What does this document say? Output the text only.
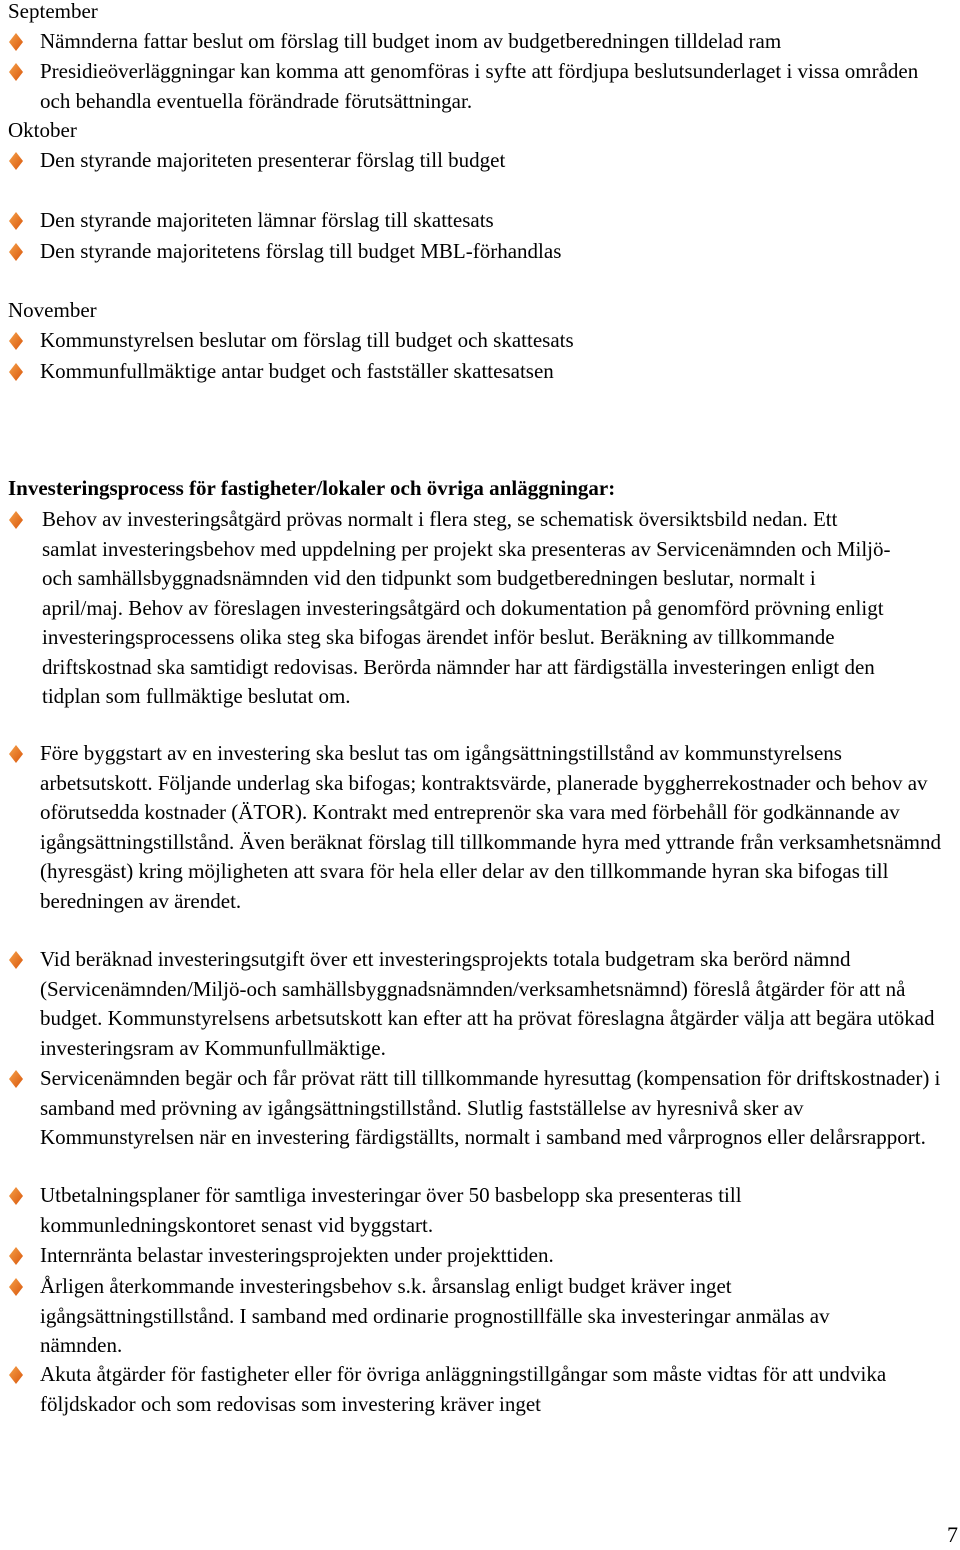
September
Nämnderna fattar beslut om förslag till budget inom av budgetberedningen tilldelad ram
Presidieöverläggningar kan komma att genomföras i syfte att fördjupa beslutsunderlaget i vissa områden och behandla eventuella förändrade förutsättningar.
Oktober
Den styrande majoriteten presenterar förslag till budget
Den styrande majoriteten lämnar förslag till skattesats
Den styrande majoritetens förslag till budget MBL-förhandlas
November
Kommunstyrelsen beslutar om förslag till budget och skattesats
Kommunfullmäktige antar budget och fastställer skattesatsen
Investeringsprocess för fastigheter/lokaler och övriga anläggningar:
Behov av investeringsåtgärd prövas normalt i flera steg, se schematisk översiktsbild nedan. Ett samlat investeringsbehov med uppdelning per projekt ska presenteras av Servicenämnden och Miljö- och samhällsbyggnadsnämnden vid den tidpunkt som budgetberedningen beslutar, normalt i april/maj. Behov av föreslagen investeringsåtgärd och dokumentation på genomförd prövning enligt investeringsprocessens olika steg ska bifogas ärendet inför beslut. Beräkning av tillkommande driftskostnad ska samtidigt redovisas. Berörda nämnder har att färdigställa investeringen enligt den tidplan som fullmäktige beslutat om.
Före byggstart av en investering ska beslut tas om igångsättningstillstånd av kommunstyrelsens arbetsutskott. Följande underlag ska bifogas; kontraktsvärde, planerade byggherrekostnader och behov av oförutsedda kostnader (ÄTOR). Kontrakt med entreprenör ska vara med förbehåll för godkännande av igångsättningstillstånd. Även beräknat förslag till tillkommande hyra med yttrande från verksamhetsnämnd (hyresgäst) kring möjligheten att svara för hela eller delar av den tillkommande hyran ska bifogas till beredningen av ärendet.
Vid beräknad investeringsutgift över ett investeringsprojekts totala budgetram ska berörd nämnd (Servicenämnden/Miljö-och samhällsbyggnadsnämnden/verksamhetsnämnd) föreslå åtgärder för att nå budget. Kommunstyrelsens arbetsutskott kan efter att ha prövat föreslagna åtgärder välja att begära utökad investeringsram av Kommunfullmäktige.
Servicenämnden begär och får prövat rätt till tillkommande hyresuttag (kompensation för driftskostnader) i samband med prövning av igångsättningstillstånd. Slutlig fastställelse av hyresnivå sker av Kommunstyrelsen när en investering färdigställts, normalt i samband med vårprognos eller delårsrapport.
Utbetalningsplaner för samtliga investeringar över 50 basbelopp ska presenteras till kommunledningskontoret senast vid byggstart.
Internränta belastar investeringsprojekten under projekttiden.
Årligen återkommande investeringsbehov s.k. årsanslag enligt budget kräver inget igångsättningstillstånd. I samband med ordinarie prognostillfälle ska investeringar anmälas av nämnden.
Akuta åtgärder för fastigheter eller för övriga anläggningstillgångar som måste vidtas för att undvika följdskador och som redovisas som investering kräver inget
7
